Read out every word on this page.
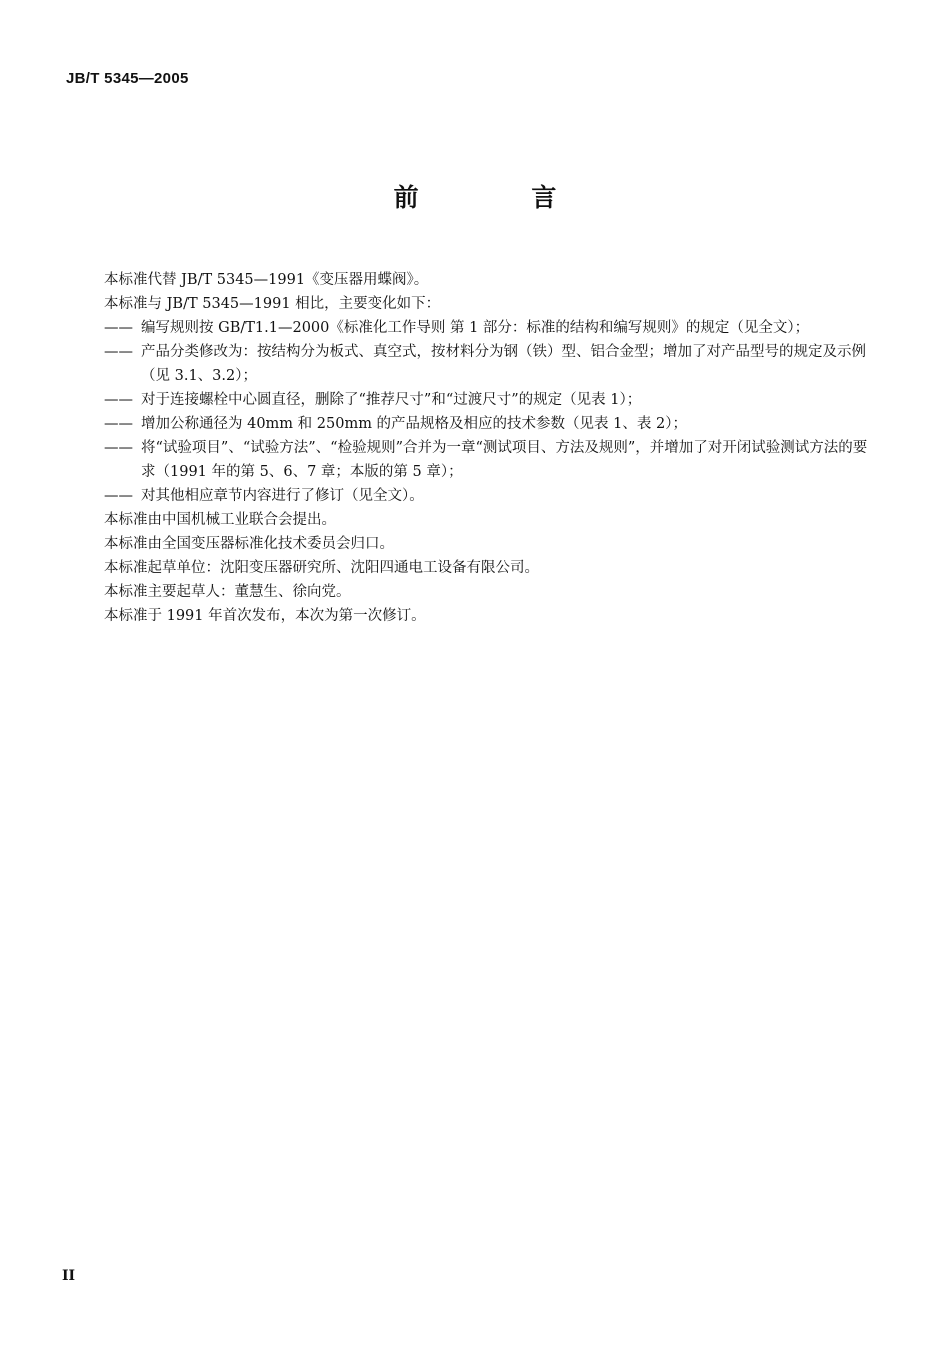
JB/T 5345—2005
前 言

本标准代替 JB/T 5345—1991《变压器用蝶阀》。

本标准与 JB/T 5345—1991 相比，主要变化如下：

—— 编写规则按 GB/T1.1—2000《标准化工作导则 第 1 部分：标准的结构和编写规则》的规定（见全文）；

—— 产品分类修改为：按结构分为板式、真空式，按材料分为钢（铁）型、铝合金型；增加了对产品型号的规定及示例（见 3.1、3.2）；

—— 对于连接螺栓中心圆直径，删除了“推荐尺寸”和“过渡尺寸”的规定（见表 1）；

—— 增加公称通径为 40mm 和 250mm 的产品规格及相应的技术参数（见表 1、表 2）；

—— 将“试验项目”、“试验方法”、“检验规则”合并为一章“测试项目、方法及规则”，并增加了对开闭试验测试方法的要求（1991 年的第 5、6、7 章；本版的第 5 章）；

—— 对其他相应章节内容进行了修订（见全文）。

本标准由中国机械工业联合会提出。

本标准由全国变压器标准化技术委员会归口。

本标准起草单位：沈阳变压器研究所、沈阳四通电工设备有限公司。

本标准主要起草人：董慧生、徐向党。

本标准于 1991 年首次发布，本次为第一次修订。

II
